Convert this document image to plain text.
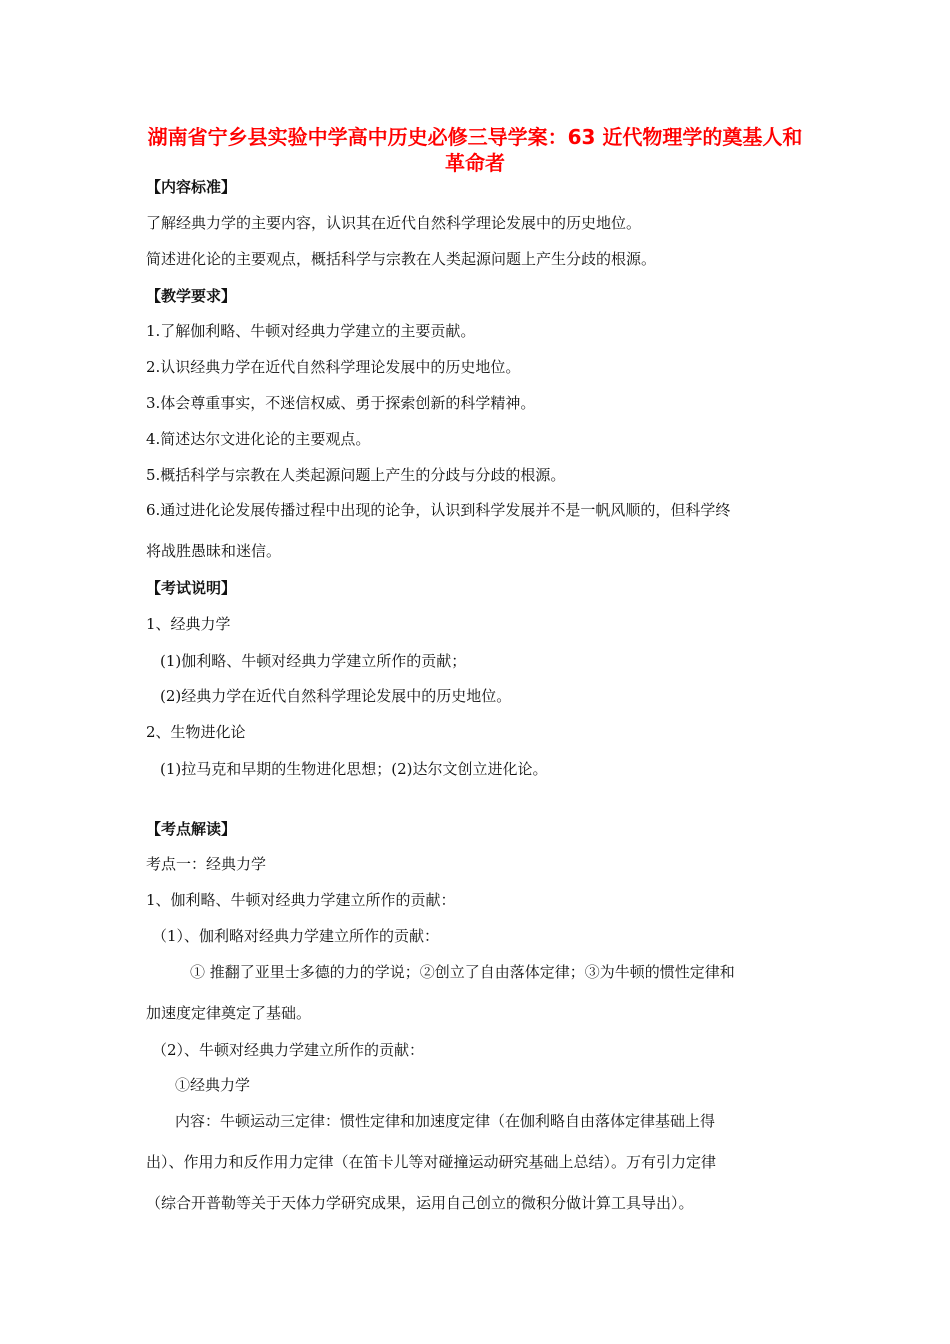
湖南省宁乡县实验中学高中历史必修三导学案：63 近代物理学的奠基人和革命者
【内容标准】
了解经典力学的主要内容，认识其在近代自然科学理论发展中的历史地位。
简述进化论的主要观点，概括科学与宗教在人类起源问题上产生分歧的根源。
【教学要求】
1.了解伽利略、牛顿对经典力学建立的主要贡献。
2.认识经典力学在近代自然科学理论发展中的历史地位。
3.体会尊重事实，不迷信权威、勇于探索创新的科学精神。
4.简述达尔文进化论的主要观点。
5.概括科学与宗教在人类起源问题上产生的分歧与分歧的根源。
6.通过进化论发展传播过程中出现的论争，认识到科学发展并不是一帆风顺的，但科学终
将战胜愚昧和迷信。
【考试说明】
1、经典力学
(1)伽利略、牛顿对经典力学建立所作的贡献；
(2)经典力学在近代自然科学理论发展中的历史地位。
2、生物进化论
(1)拉马克和早期的生物进化思想；(2)达尔文创立进化论。
【考点解读】
考点一：经典力学
1、伽利略、牛顿对经典力学建立所作的贡献：
（1）、伽利略对经典力学建立所作的贡献：
① 推翻了亚里士多德的力的学说；②创立了自由落体定律；③为牛顿的惯性定律和
加速度定律奠定了基础。
（2）、牛顿对经典力学建立所作的贡献：
①经典力学
内容：牛顿运动三定律：惯性定律和加速度定律（在伽利略自由落体定律基础上得
出）、作用力和反作用力定律（在笛卡儿等对碰撞运动研究基础上总结）。万有引力定律
（综合开普勒等关于天体力学研究成果，运用自己创立的微积分做计算工具导出）。
